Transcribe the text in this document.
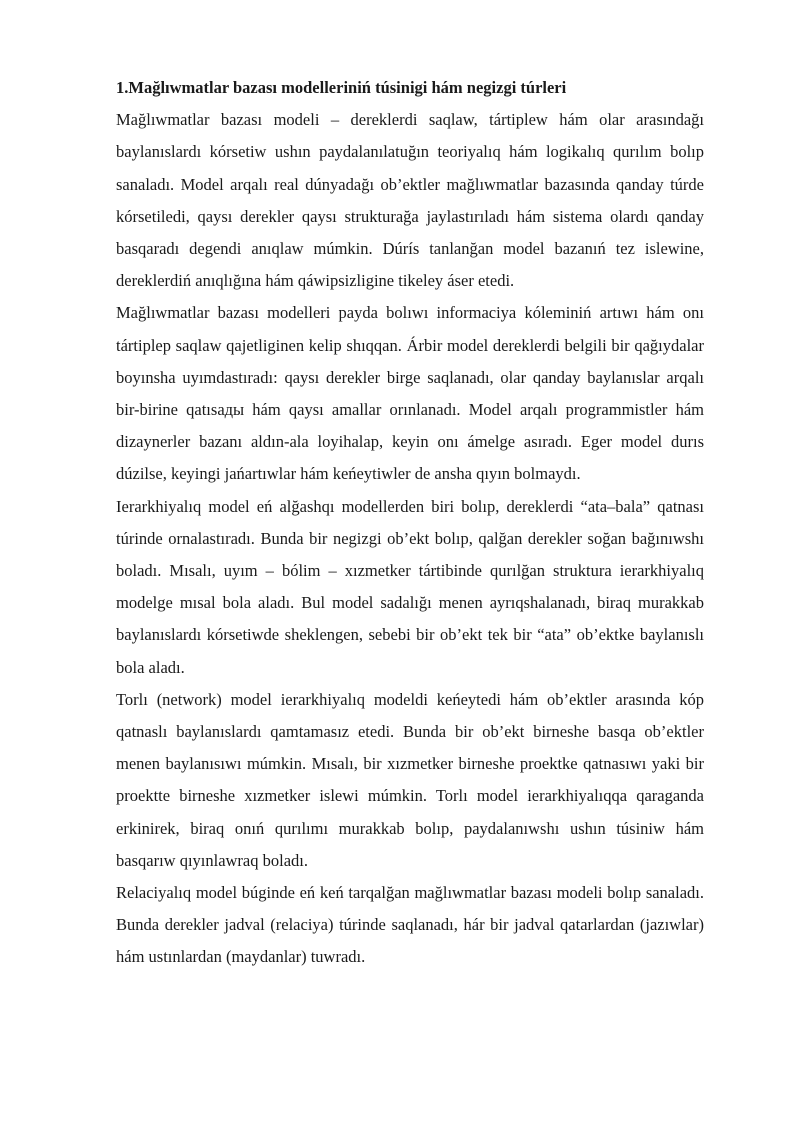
1.Mağlıwmatlar bazası modelleriniń túsinigi hám negizgi túrleri

Mağlıwmatlar bazası modeli – dereklerdi saqlaw, tártiplew hám olar arasındağı baylanıslardı kórsetiw ushın paydalanılatuğın teoriyalıq hám logikalıq qurılım bolıp sanaladı. Model arqalı real dúnyadağı ob’ektler mağlıwmatlar bazasında qanday túrde kórsetiledi, qaysı derekler qaysı strukturağa jaylastırıladı hám sistema olardı qanday basqaradı degendi anıqlaw múmkin. Dúrís tanlanğan model bazanıń tez islewine, dereklerdiń anıqlığına hám qáwipsizligine tikeley áser etedi.

Mağlıwmatlar bazası modelleri payda bolıwı informaciya kóleminiń artıwı hám onı tártiplep saqlaw qajetliginen kelip shıqqan. Árbir model dereklerdi belgili bir qağıydalar boyınsha uyımdastıradı: qaysı derekler birge saqlanadı, olar qanday baylanıslar arqalı bir-birine qatısады hám qaysı amallar orınlanadı. Model arqalı programmistler hám dizaynerler bazanı aldın-ala loyihalap, keyin onı ámelge asıradı. Eger model durıs dúzilse, keyingi jańartıwlar hám keńeytiwler de ansha qıyın bolmaydı.

Ierarkhiyalıq model eń alğashqı modellerden biri bolıp, dereklerdi “ata–bala” qatnası túrinde ornalastıradı. Bunda bir negizgi ob’ekt bolıp, qalğan derekler soğan bağınıwshı boladı. Mısalı, uyım – bólim – xızmetker tártibinde qurılğan struktura ierarkhiyalıq modelge mısal bola aladı. Bul model sadalığı menen ayrıqshalanadı, biraq murakkab baylanıslardı kórsetiwde sheklengen, sebebi bir ob’ekt tek bir “ata” ob’ektke baylanıslı bola aladı.

Torlı (network) model ierarkhiyalıq modeldi keńeytedi hám ob’ektler arasında kóp qatnaslı baylanıslardı qamtamasız etedi. Bunda bir ob’ekt birneshe basqa ob’ektler menen baylanısıwı múmkin. Mısalı, bir xızmetker birneshe proektke qatnasıwı yaki bir proektte birneshe xızmetker islewi múmkin. Torlı model ierarkhiyalıqqa qaraganda erkinirek, biraq onıń qurılımı murakkab bolıp, paydalanıwshı ushın túsiniw hám basqarıw qıyınlawraq boladı.

Relaciyalıq model búginde eń keń tarqalğan mağlıwmatlar bazası modeli bolıp sanaladı. Bunda derekler jadval (relaciya) túrinde saqlanadı, hár bir jadval qatarlardan (jazıwlar) hám ustınlardan (maydanlar) tuwradı.
